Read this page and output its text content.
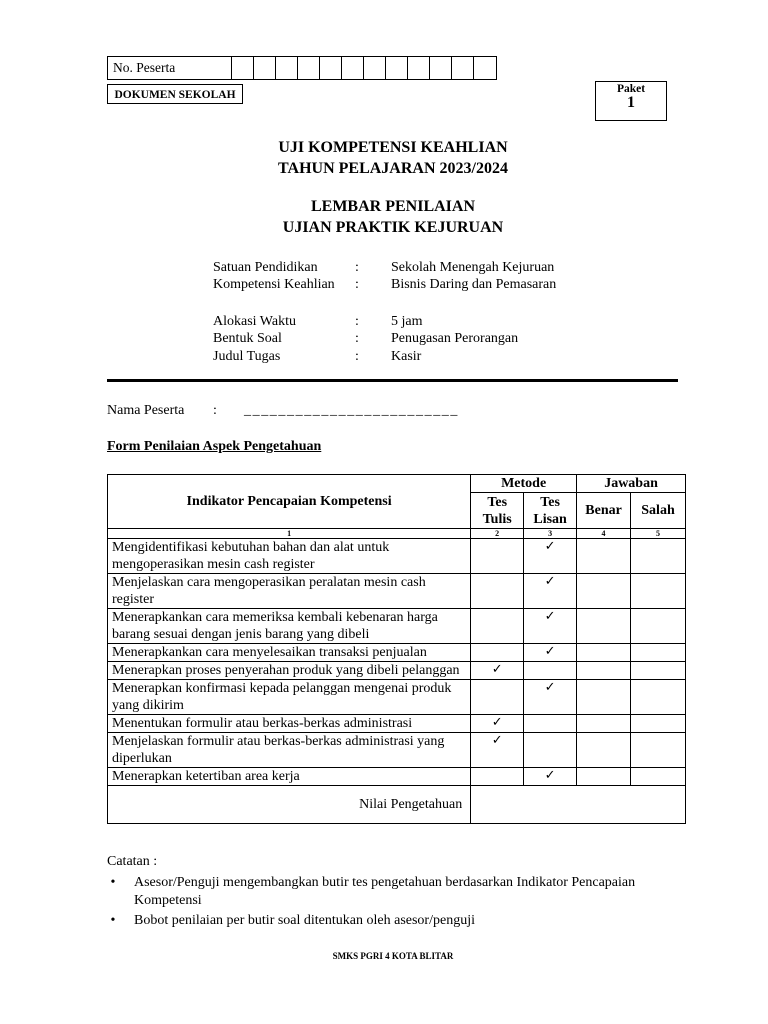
No. Peserta
DOKUMEN SEKOLAH	Paket
1
UJI KOMPETENSI KEAHLIAN
TAHUN PELAJARAN 2023/2024
LEMBAR PENILAIAN
UJIAN PRAKTIK KEJURUAN
Satuan Pendidikan	: Sekolah Menengah Kejuruan
Kompetensi Keahlian : Bisnis Daring dan Pemasaran
Alokasi Waktu	: 5 jam
Bentuk Soal	: Penugasan Perorangan
Judul Tugas	: Kasir
Nama Peserta : _________________________
Form Penilaian Aspek Pengetahuan
Indikator Pencapaian Kompetensi	Metode		Jawaban	
	Tes Tulis	Tes Lisan	Benar	Salah
1	2	3	4	5
Mengidentifikasi kebutuhan bahan dan alat untuk mengoperasikan mesin cash register		✓		
Menjelaskan cara mengoperasikan peralatan mesin cash register		✓		
Menerapkankan cara memeriksa kembali kebenaran harga barang sesuai dengan jenis barang yang dibeli		✓		
Menerapkankan cara menyelesaikan transaksi penjualan		✓		
Menerapkan proses penyerahan produk yang dibeli pelanggan	✓			
Menerapkan konfirmasi kepada pelanggan mengenai produk yang dikirim		✓		
Menentukan formulir atau berkas-berkas administrasi	✓			
Menjelaskan formulir atau berkas-berkas administrasi yang diperlukan	✓			
Menerapkan ketertiban area kerja		✓		
Nilai Pengetahuan				
Catatan :
• Asesor/Penguji mengembangkan butir tes pengetahuan berdasarkan Indikator Pencapaian Kompetensi
• Bobot penilaian per butir soal ditentukan oleh asesor/penguji
SMKS PGRI 4 KOTA BLITAR
